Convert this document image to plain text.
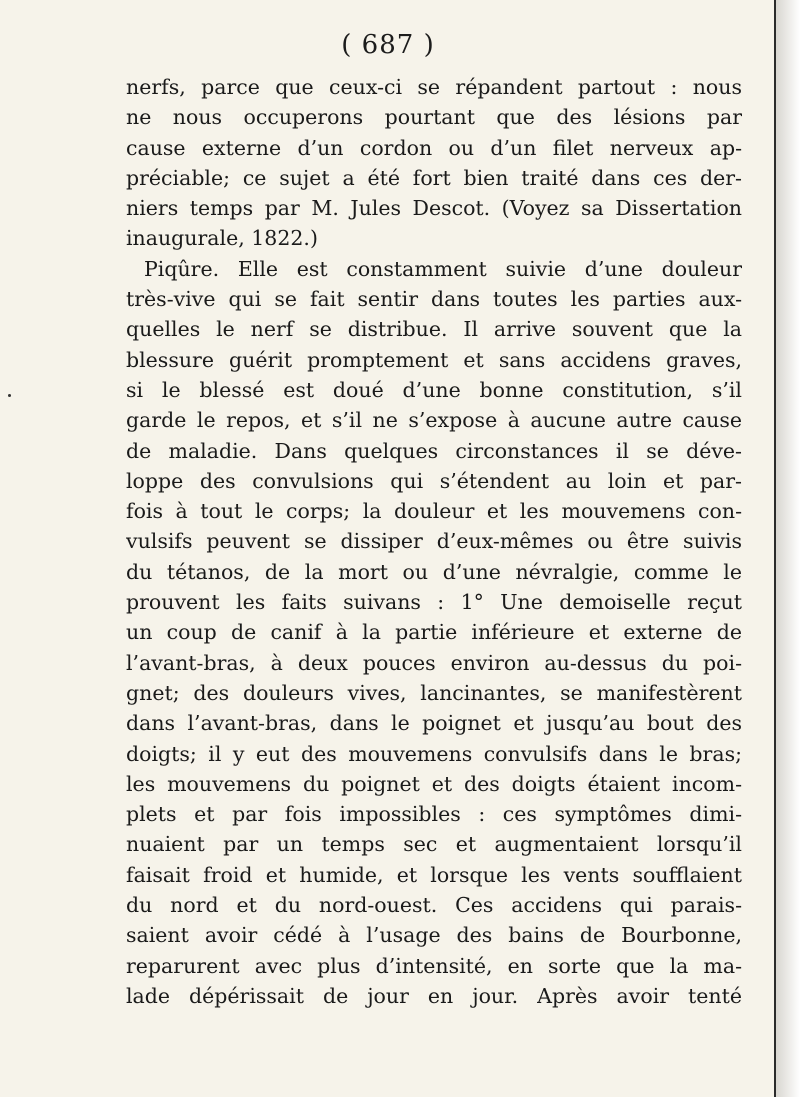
( 687 )
nerfs, parce que ceux-ci se répandent partout : nous
ne nous occuperons pourtant que des lésions par
cause externe d’un cordon ou d’un filet nerveux ap-
préciable; ce sujet a été fort bien traité dans ces der-
niers temps par M. Jules Descot. (Voyez sa Dissertation
inaugurale, 1822.)
Piqûre. Elle est constamment suivie d’une douleur
très-vive qui se fait sentir dans toutes les parties aux-
quelles le nerf se distribue. Il arrive souvent que la
blessure guérit promptement et sans accidens graves,
si le blessé est doué d’une bonne constitution, s’il
garde le repos, et s’il ne s’expose à aucune autre cause
de maladie. Dans quelques circonstances il se déve-
loppe des convulsions qui s’étendent au loin et par-
fois à tout le corps; la douleur et les mouvemens con-
vulsifs peuvent se dissiper d’eux-mêmes ou être suivis
du tétanos, de la mort ou d’une névralgie, comme le
prouvent les faits suivans : 1° Une demoiselle reçut
un coup de canif à la partie inférieure et externe de
l’avant-bras, à deux pouces environ au-dessus du poi-
gnet; des douleurs vives, lancinantes, se manifestèrent
dans l’avant-bras, dans le poignet et jusqu’au bout des
doigts; il y eut des mouvemens convulsifs dans le bras;
les mouvemens du poignet et des doigts étaient incom-
plets et par fois impossibles : ces symptômes dimi-
nuaient par un temps sec et augmentaient lorsqu’il
faisait froid et humide, et lorsque les vents soufflaient
du nord et du nord-ouest. Ces accidens qui parais-
saient avoir cédé à l’usage des bains de Bourbonne,
reparurent avec plus d’intensité, en sorte que la ma-
lade dépérissait de jour en jour. Après avoir tenté
